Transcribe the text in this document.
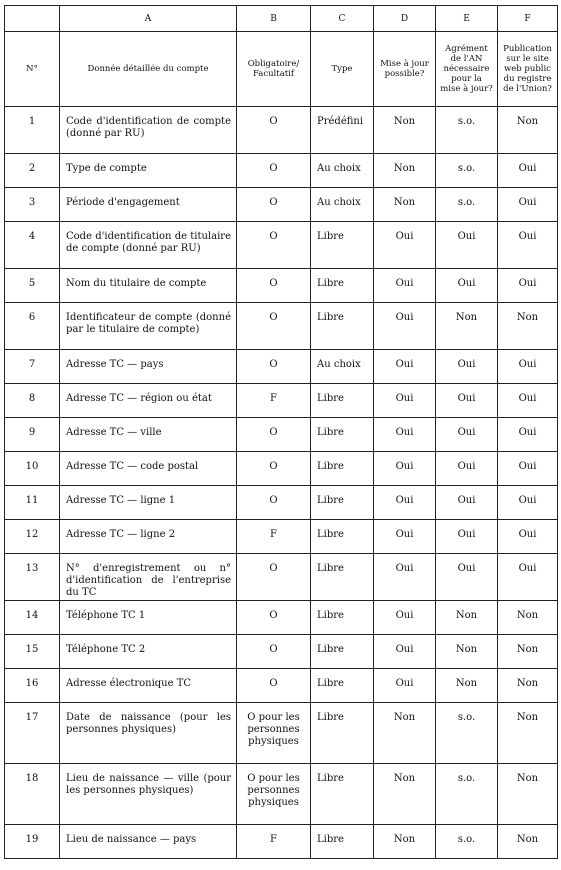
	A	B	C	D	E	F
N°	Donnée détaillée du compte	Obligatoire/ Facultatif	Type	Mise à jour possible?	Agrément de l'AN nécessaire pour la mise à jour?	Publication sur le site web public du registre de l'Union?
1	Code d'identification de compte (donné par RU)	O	Prédéfini	Non	s.o.	Non
2	Type de compte	O	Au choix	Non	s.o.	Oui
3	Période d'engagement	O	Au choix	Non	s.o.	Oui
4	Code d'identification de titulaire de compte (donné par RU)	O	Libre	Oui	Oui	Oui
5	Nom du titulaire de compte	O	Libre	Oui	Oui	Oui
6	Identificateur de compte (donné par le titulaire de compte)	O	Libre	Oui	Non	Non
7	Adresse TC — pays	O	Au choix	Oui	Oui	Oui
8	Adresse TC — région ou état	F	Libre	Oui	Oui	Oui
9	Adresse TC — ville	O	Libre	Oui	Oui	Oui
10	Adresse TC — code postal	O	Libre	Oui	Oui	Oui
11	Adresse TC — ligne 1	O	Libre	Oui	Oui	Oui
12	Adresse TC — ligne 2	F	Libre	Oui	Oui	Oui
13	N° d'enregistrement ou n° d'identification de l'entreprise du TC	O	Libre	Oui	Oui	Oui
14	Téléphone TC 1	O	Libre	Oui	Non	Non
15	Téléphone TC 2	O	Libre	Oui	Non	Non
16	Adresse électronique TC	O	Libre	Oui	Non	Non
17	Date de naissance (pour les personnes physiques)	O pour les personnes physiques	Libre	Non	s.o.	Non
18	Lieu de naissance — ville (pour les personnes physiques)	O pour les personnes physiques	Libre	Non	s.o.	Non
19	Lieu de naissance — pays	F	Libre	Non	s.o.	Non
